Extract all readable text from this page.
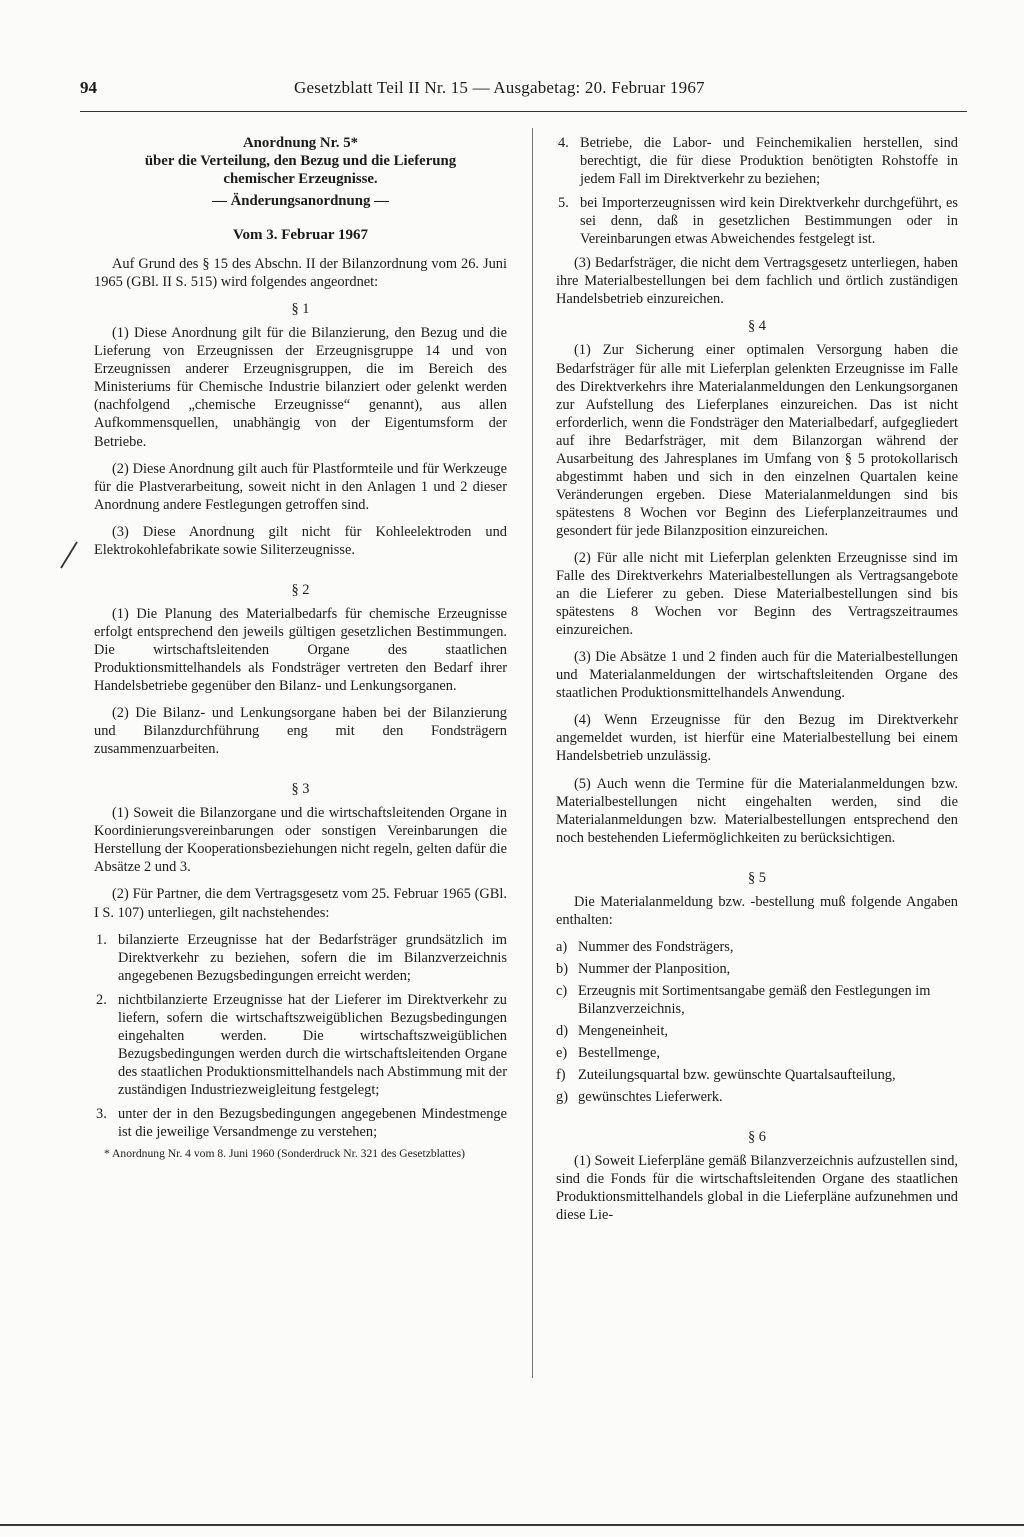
94	Gesetzblatt Teil II Nr. 15 — Ausgabetag: 20. Februar 1967
Anordnung Nr. 5*
über die Verteilung, den Bezug und die Lieferung
chemischer Erzeugnisse.
— Änderungsanordnung —
Vom 3. Februar 1967

Auf Grund des § 15 des Abschn. II der Bilanzordnung vom 26. Juni 1965 (GBl. II S. 515) wird folgendes angeordnet:

§ 1

(1) Diese Anordnung gilt für die Bilanzierung, den Bezug und die Lieferung von Erzeugnissen der Erzeugnisgruppe 14 und von Erzeugnissen anderer Erzeugnisgruppen, die im Bereich des Ministeriums für Chemische Industrie bilanziert oder gelenkt werden (nachfolgend „chemische Erzeugnisse“ genannt), aus allen Aufkommensquellen, unabhängig von der Eigentumsform der Betriebe.

(2) Diese Anordnung gilt auch für Plastformteile und für Werkzeuge für die Plastverarbeitung, soweit nicht in den Anlagen 1 und 2 dieser Anordnung andere Festlegungen getroffen sind.

(3) Diese Anordnung gilt nicht für Kohleelektroden und Elektrokohlefabrikate sowie Siliterzeugnisse.

§ 2

(1) Die Planung des Materialbedarfs für chemische Erzeugnisse erfolgt entsprechend den jeweils gültigen gesetzlichen Bestimmungen. Die wirtschaftsleitenden Organe des staatlichen Produktionsmittelhandels als Fondsträger vertreten den Bedarf ihrer Handelsbetriebe gegenüber den Bilanz- und Lenkungsorganen.

(2) Die Bilanz- und Lenkungsorgane haben bei der Bilanzierung und Bilanzdurchführung eng mit den Fondsträgern zusammenzuarbeiten.

§ 3

(1) Soweit die Bilanzorgane und die wirtschaftsleitenden Organe in Koordinierungsvereinbarungen oder sonstigen Vereinbarungen die Herstellung der Kooperationsbeziehungen nicht regeln, gelten dafür die Absätze 2 und 3.

(2) Für Partner, die dem Vertragsgesetz vom 25. Februar 1965 (GBl. I S. 107) unterliegen, gilt nachstehendes:

1. bilanzierte Erzeugnisse hat der Bedarfsträger grundsätzlich im Direktverkehr zu beziehen, sofern die im Bilanzverzeichnis angegebenen Bezugsbedingungen erreicht werden;
2. nichtbilanzierte Erzeugnisse hat der Lieferer im Direktverkehr zu liefern, sofern die wirtschaftszweigüblichen Bezugsbedingungen eingehalten werden. Die wirtschaftszweigüblichen Bezugsbedingungen werden durch die wirtschaftsleitenden Organe des staatlichen Produktionsmittelhandels nach Abstimmung mit der zuständigen Industriezweigleitung festgelegt;
3. unter der in den Bezugsbedingungen angegebenen Mindestmenge ist die jeweilige Versandmenge zu verstehen;
* Anordnung Nr. 4 vom 8. Juni 1960 (Sonderdruck Nr. 321 des Gesetzblattes)
4. Betriebe, die Labor- und Feinchemikalien herstellen, sind berechtigt, die für diese Produktion benötigten Rohstoffe in jedem Fall im Direktverkehr zu beziehen;
5. bei Importerzeugnissen wird kein Direktverkehr durchgeführt, es sei denn, daß in gesetzlichen Bestimmungen oder in Vereinbarungen etwas Abweichendes festgelegt ist.

(3) Bedarfsträger, die nicht dem Vertragsgesetz unterliegen, haben ihre Materialbestellungen bei dem fachlich und örtlich zuständigen Handelsbetrieb einzureichen.

§ 4

(1) Zur Sicherung einer optimalen Versorgung haben die Bedarfsträger für alle mit Lieferplan gelenkten Erzeugnisse im Falle des Direktverkehrs ihre Materialanmeldungen den Lenkungsorganen zur Aufstellung des Lieferplanes einzureichen. Das ist nicht erforderlich, wenn die Fondsträger den Materialbedarf, aufgegliedert auf ihre Bedarfsträger, mit dem Bilanzorgan während der Ausarbeitung des Jahresplanes im Umfang von § 5 protokollarisch abgestimmt haben und sich in den einzelnen Quartalen keine Veränderungen ergeben. Diese Materialanmeldungen sind bis spätestens 8 Wochen vor Beginn des Lieferplanzeitraumes und gesondert für jede Bilanzposition einzureichen.

(2) Für alle nicht mit Lieferplan gelenkten Erzeugnisse sind im Falle des Direktverkehrs Materialbestellungen als Vertragsangebote an die Lieferer zu geben. Diese Materialbestellungen sind bis spätestens 8 Wochen vor Beginn des Vertragszeitraumes einzureichen.

(3) Die Absätze 1 und 2 finden auch für die Materialbestellungen und Materialanmeldungen der wirtschaftsleitenden Organe des staatlichen Produktionsmittelhandels Anwendung.

(4) Wenn Erzeugnisse für den Bezug im Direktverkehr angemeldet wurden, ist hierfür eine Materialbestellung bei einem Handelsbetrieb unzulässig.

(5) Auch wenn die Termine für die Materialanmeldungen bzw. Materialbestellungen nicht eingehalten werden, sind die Materialanmeldungen bzw. Materialbestellungen entsprechend den noch bestehenden Liefermöglichkeiten zu berücksichtigen.

§ 5

Die Materialanmeldung bzw. -bestellung muß folgende Angaben enthalten:

a) Nummer des Fondsträgers,
b) Nummer der Planposition,
c) Erzeugnis mit Sortimentsangabe gemäß den Festlegungen im Bilanzverzeichnis,
d) Mengeneinheit,
e) Bestellmenge,
f) Zuteilungsquartal bzw. gewünschte Quartalsaufteilung,
g) gewünschtes Lieferwerk.
§ 6

(1) Soweit Lieferpläne gemäß Bilanzverzeichnis aufzustellen sind, sind die Fonds für die wirtschaftsleitenden Organe des staatlichen Produktionsmittelhandels global in die Lieferpläne aufzunehmen und diese Lie-
